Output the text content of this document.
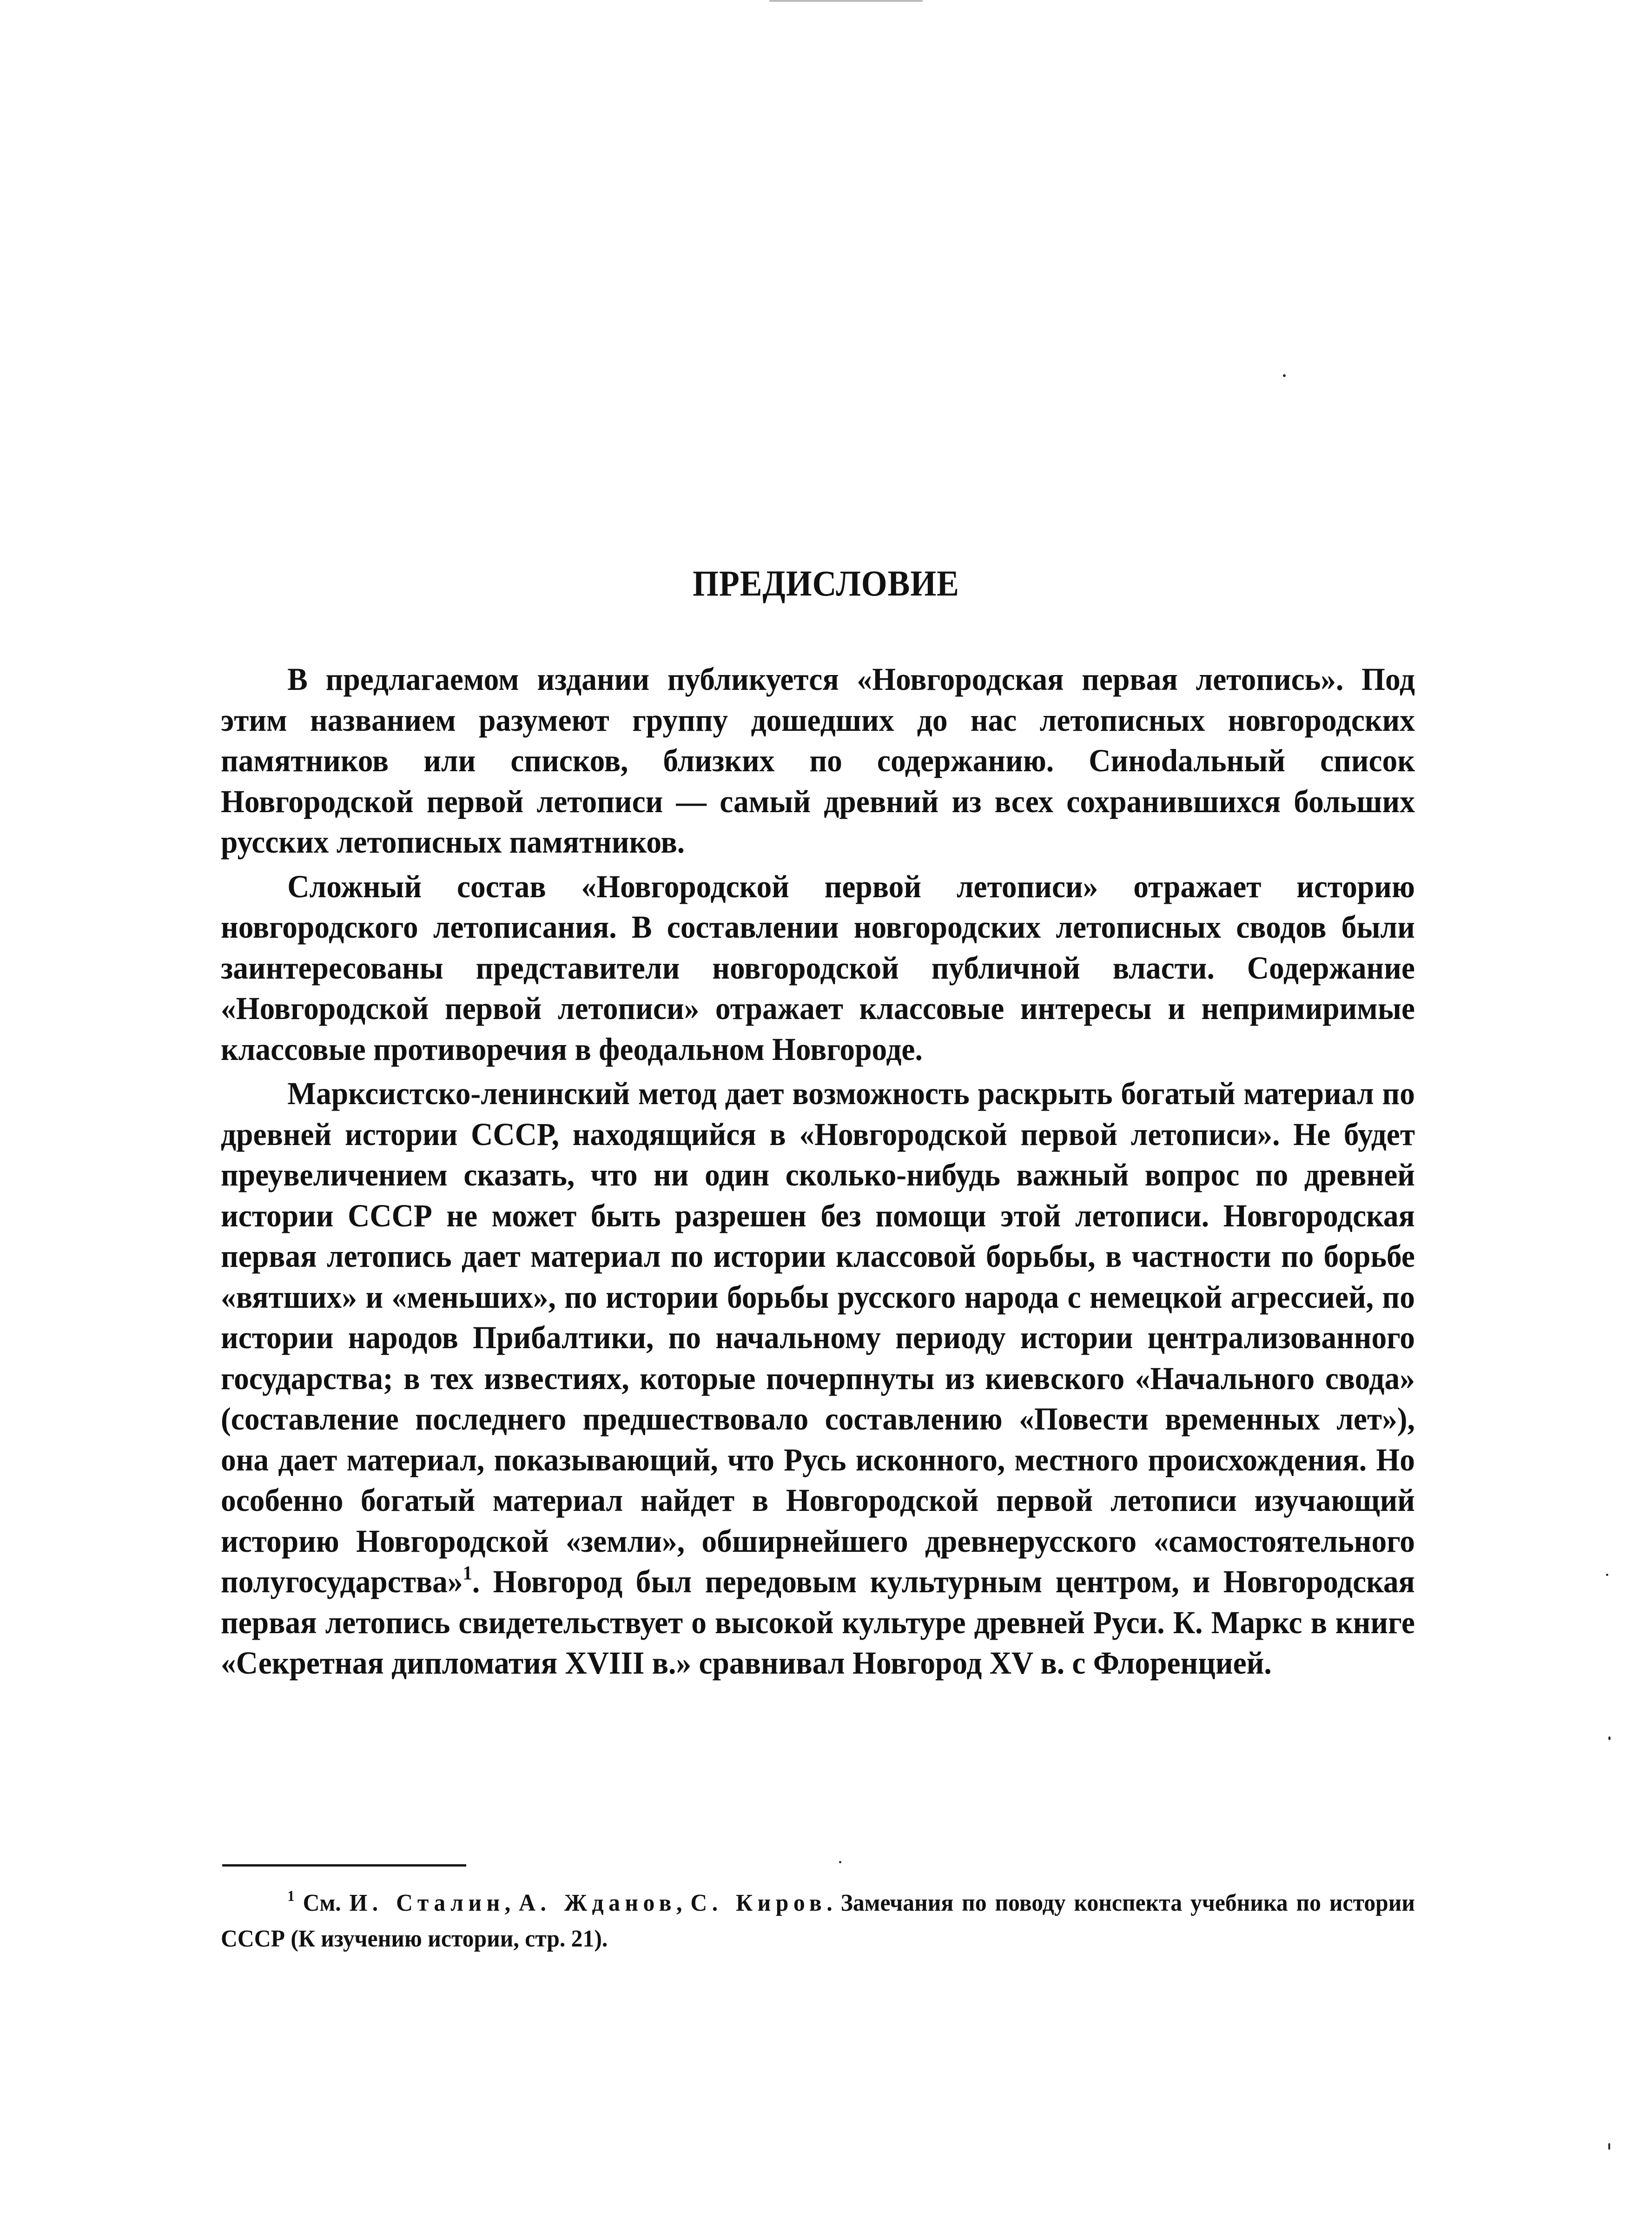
ПРЕДИСЛОВИЕ

В предлагаемом издании публикуется «Новгородская первая летопись». Под этим названием разумеют группу дошедших до нас летописных новгородских памятников или списков, близких по содержанию. Синоdальный список Новгородской первой летописи — самый древний из всех сохранившихся больших русских летописных памятников.

Сложный состав «Новгородской первой летописи» отражает историю новгородского летописания. В составлении новгородских летописных сводов были заинтересованы представители новгородской публичной власти. Содержание «Новгородской первой летописи» отражает классовые интересы и непримиримые классовые противоречия в феодальном Новгороде.

Марксистско-ленинский метод дает возможность раскрыть богатый материал по древней истории СССР, находящийся в «Новгородской первой летописи». Не будет преувеличением сказать, что ни один сколько-нибудь важный вопрос по древней истории СССР не может быть разрешен без помощи этой летописи. Новгородская первая летопись дает материал по истории классовой борьбы, в частности по борьбе «вятших» и «меньших», по истории борьбы русского народа с немецкой агрессией, по истории народов Прибалтики, по начальному периоду истории централизованного государства; в тех известиях, которые почерпнуты из киевского «Начального свода» (составление последнего предшествовало составлению «Повести временных лет»), она дает материал, показывающий, что Русь исконного, местного происхождения. Но особенно богатый материал найдет в Новгородской первой летописи изучающий историю Новгородской «земли», обширнейшего древнерусского «самостоятельного полугосударства»$^1$. Новгород был передовым культурным центром, и Новгородская первая летопись свидетельствует о высокой культуре древней Руси. К. Маркс в книге «Секретная дипломатия XVIII в.» сравнивал Новгород XV в. с Флоренцией.

$^1$ См. И. Сталин, А. Жданов, С. Киров. Замечания по поводу конспекта учебника по истории СССР (К изучению истории, стр. 21).
